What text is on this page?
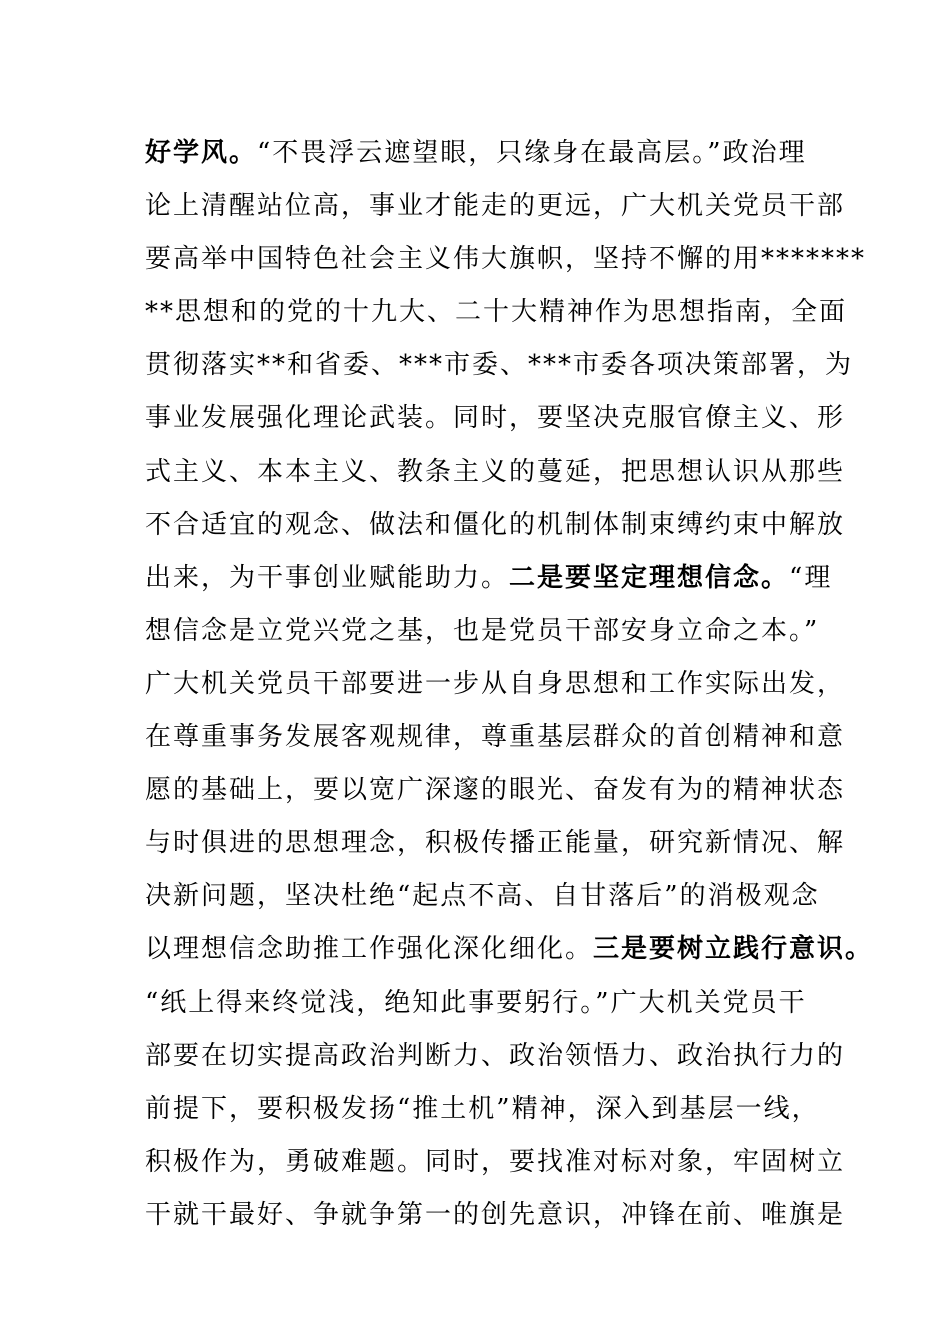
好学风。“不畏浮云遮望眼，只缘身在最高层。”政治理
论上清醒站位高，事业才能走的更远，广大机关党员干部
要高举中国特色社会主义伟大旗帜，坚持不懈的用*******
**思想和的党的十九大、二十大精神作为思想指南，全面
贯彻落实**和省委、***市委、***市委各项决策部署，为
事业发展强化理论武装。同时，要坚决克服官僚主义、形
式主义、本本主义、教条主义的蔓延，把思想认识从那些
不合适宜的观念、做法和僵化的机制体制束缚约束中解放
出来，为干事创业赋能助力。二是要坚定理想信念。“理
想信念是立党兴党之基，也是党员干部安身立命之本。”
广大机关党员干部要进一步从自身思想和工作实际出发，
在尊重事务发展客观规律，尊重基层群众的首创精神和意
愿的基础上，要以宽广深邃的眼光、奋发有为的精神状态
与时俱进的思想理念，积极传播正能量，研究新情况、解
决新问题，坚决杜绝“起点不高、自甘落后”的消极观念
以理想信念助推工作强化深化细化。三是要树立践行意识。
“纸上得来终觉浅，绝知此事要躬行。”广大机关党员干
部要在切实提高政治判断力、政治领悟力、政治执行力的
前提下，要积极发扬“推土机”精神，深入到基层一线，
积极作为，勇破难题。同时，要找准对标对象，牢固树立
干就干最好、争就争第一的创先意识，冲锋在前、唯旗是
